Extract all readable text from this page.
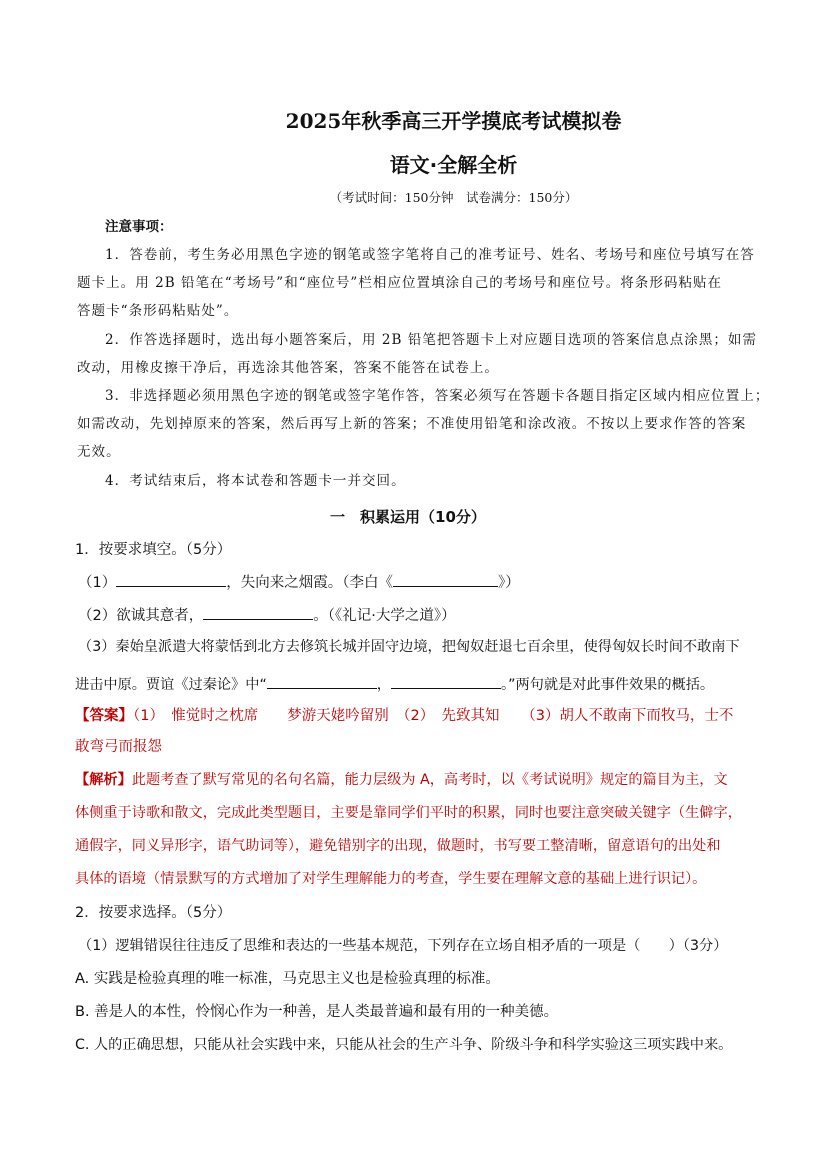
2025年秋季高三开学摸底考试模拟卷
语文·全解全析
（考试时间：150分钟　试卷满分：150分）
注意事项：
1．答卷前，考生务必用黑色字迹的钢笔或签字笔将自己的准考证号、姓名、考场号和座位号填写在答
题卡上。用 2B 铅笔在“考场号”和“座位号”栏相应位置填涂自己的考场号和座位号。将条形码粘贴在
答题卡“条形码粘贴处”。
2．作答选择题时，选出每小题答案后，用 2B 铅笔把答题卡上对应题目选项的答案信息点涂黑；如需
改动，用橡皮擦干净后，再选涂其他答案，答案不能答在试卷上。
3．非选择题必须用黑色字迹的钢笔或签字笔作答，答案必须写在答题卡各题目指定区域内相应位置上；
如需改动，先划掉原来的答案，然后再写上新的答案；不准使用铅笔和涂改液。不按以上要求作答的答案
无效。
4．考试结束后，将本试卷和答题卡一并交回。
一　积累运用（10分）
1．按要求填空。（5分）
（1）	，失向来之烟霞。（李白《	》）
（2）欲诚其意者，	。（《礼记·大学之道》）
（3）秦始皇派遣大将蒙恬到北方去修筑长城并固守边境，把匈奴赶退七百余里，使得匈奴长时间不敢南下
进击中原。贾谊《过秦论》中“	，	。”两句就是对此事件效果的概括。
【答案】（1）　惟觉时之枕席　　梦游天姥吟留别　（2）　先致其知　　（3）胡人不敢南下而牧马，士不
敢弯弓而报怨
【解析】此题考查了默写常见的名句名篇，能力层级为 A，高考时，以《考试说明》规定的篇目为主，文
体侧重于诗歌和散文，完成此类型题目，主要是靠同学们平时的积累，同时也要注意突破关键字（生僻字，
通假字，同义异形字，语气助词等），避免错别字的出现，做题时，书写要工整清晰，留意语句的出处和
具体的语境（情景默写的方式增加了对学生理解能力的考查，学生要在理解文意的基础上进行识记）。
2．按要求选择。（5分）
（1）逻辑错误往往违反了思维和表达的一些基本规范，下列存在立场自相矛盾的一项是（　　）（3分）
A. 实践是检验真理的唯一标准，马克思主义也是检验真理的标准。
B. 善是人的本性，怜悯心作为一种善，是人类最普遍和最有用的一种美德。
C. 人的正确思想，只能从社会实践中来，只能从社会的生产斗争、阶级斗争和科学实验这三项实践中来。
